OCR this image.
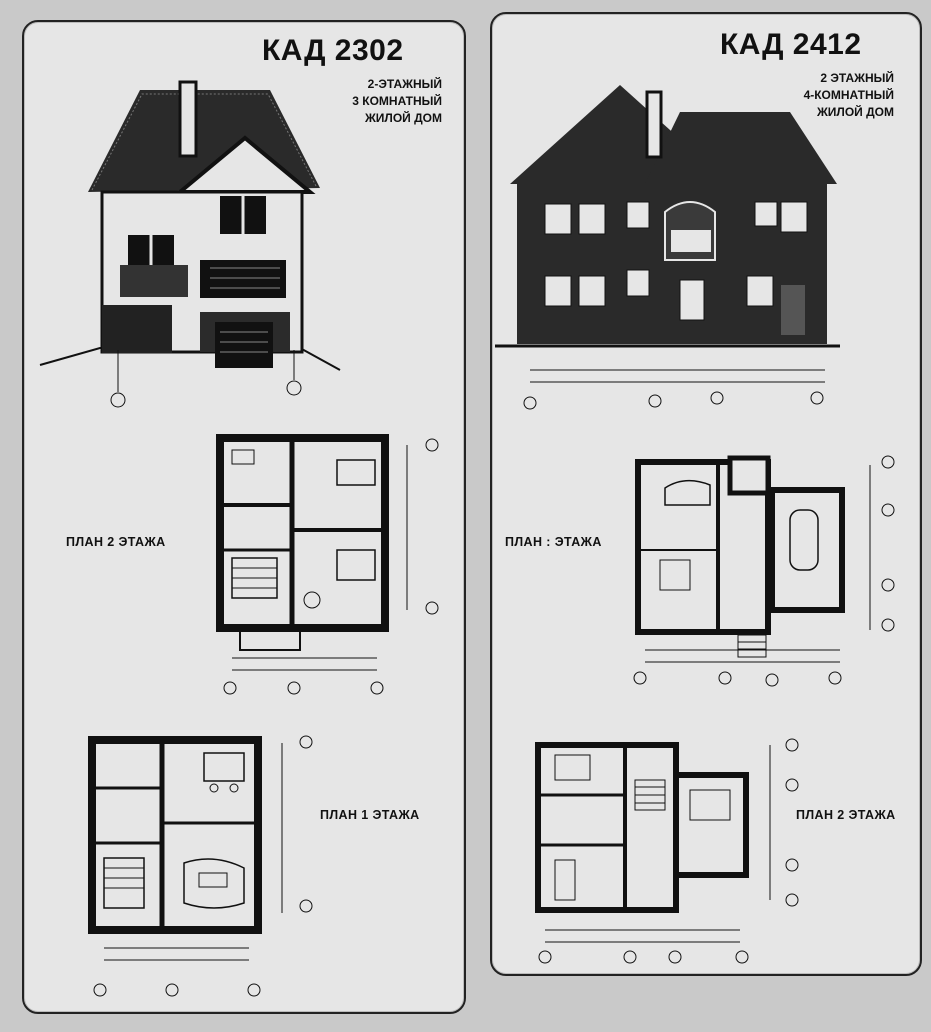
КАД 2302
2-ЭТАЖНЫЙ
3 КОМНАТНЫЙ
ЖИЛОЙ ДОМ
ПЛАН 2 ЭТАЖА
ПЛАН 1 ЭТАЖА
КАД 2412
2 ЭТАЖНЫЙ
4-КОМНАТНЫЙ
ЖИЛОЙ ДОМ
ПЛАН : ЭТАЖА
ПЛАН 2 ЭТАЖА
